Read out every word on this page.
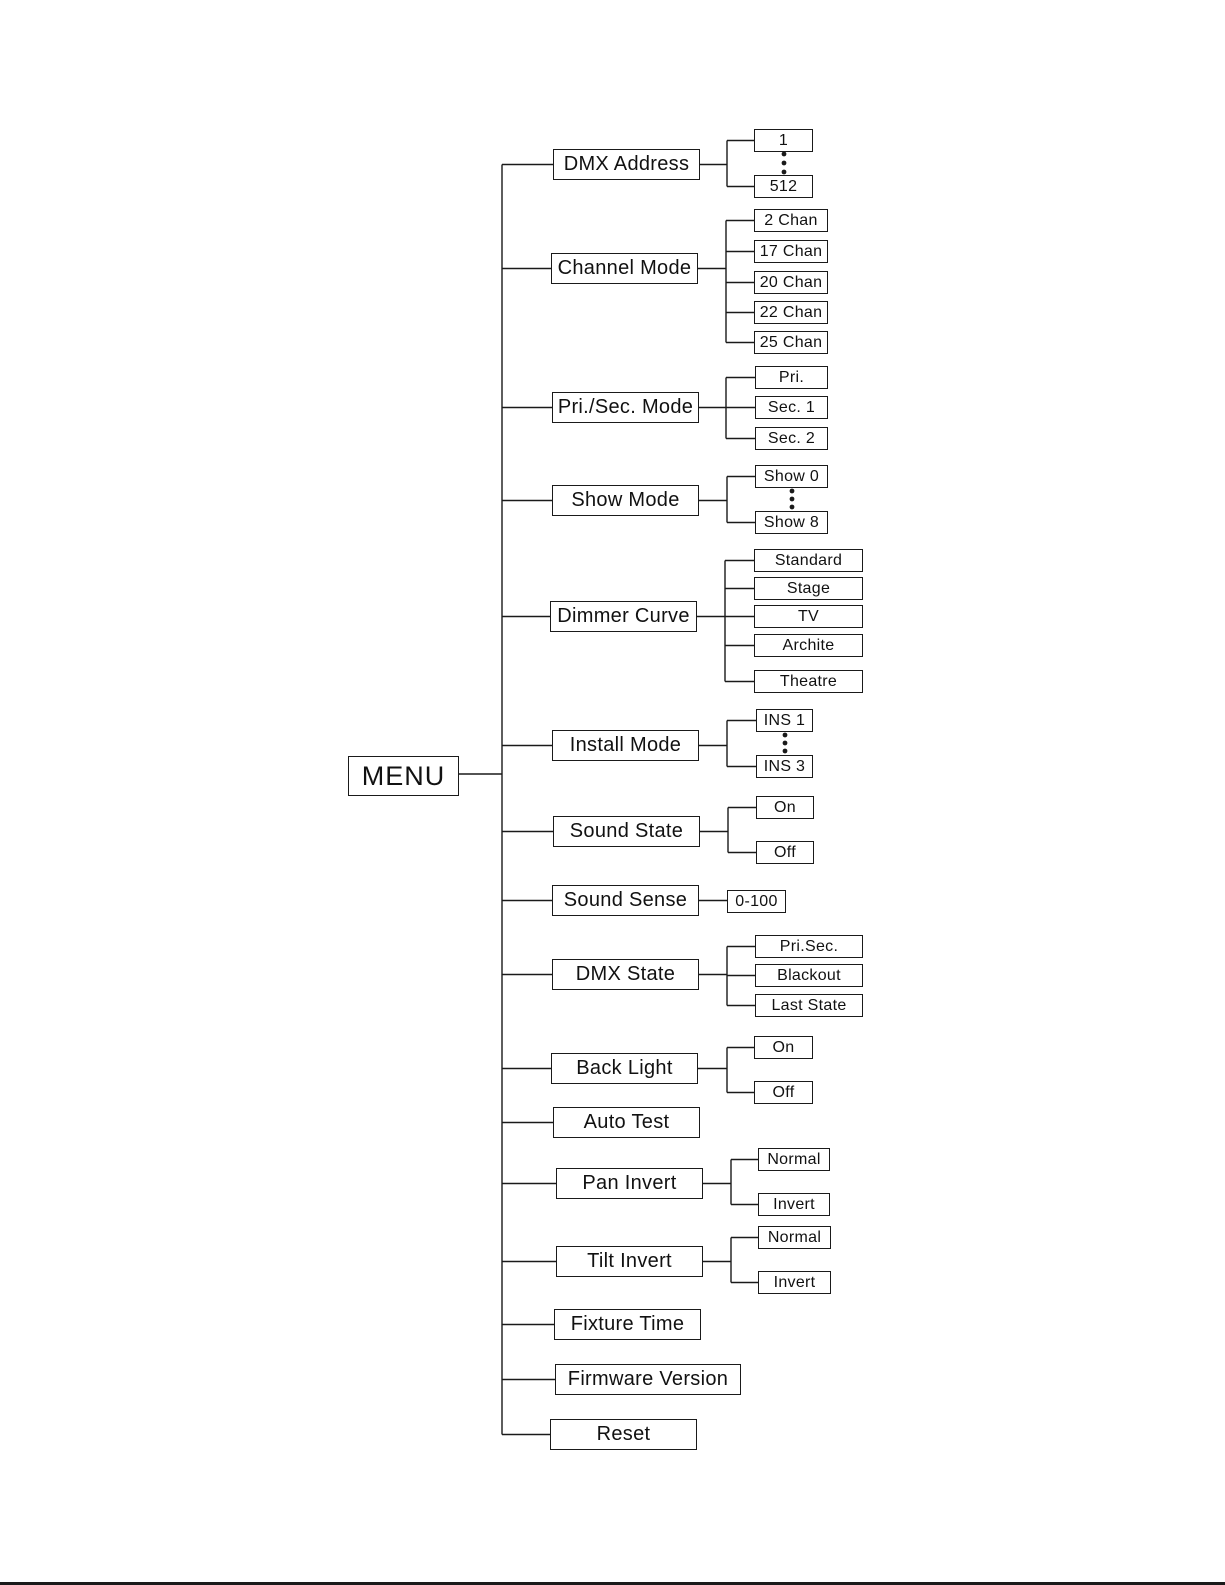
MENU
DMX Address
1
512
Channel Mode
2 Chan
17 Chan
20 Chan
22 Chan
25 Chan
Pri./Sec. Mode
Pri.
Sec. 1
Sec. 2
Show Mode
Show 0
Show 8
Dimmer Curve
Standard
Stage
TV
Archite
Theatre
Install Mode
INS 1
INS 3
Sound State
On
Off
Sound Sense	0-100
DMX State
Pri.Sec.
Blackout
Last State
Back Light
On
Off
Auto Test
Pan Invert
Normal
Invert
Tilt Invert
Normal
Invert
Fixture Time
Firmware Version
Reset
